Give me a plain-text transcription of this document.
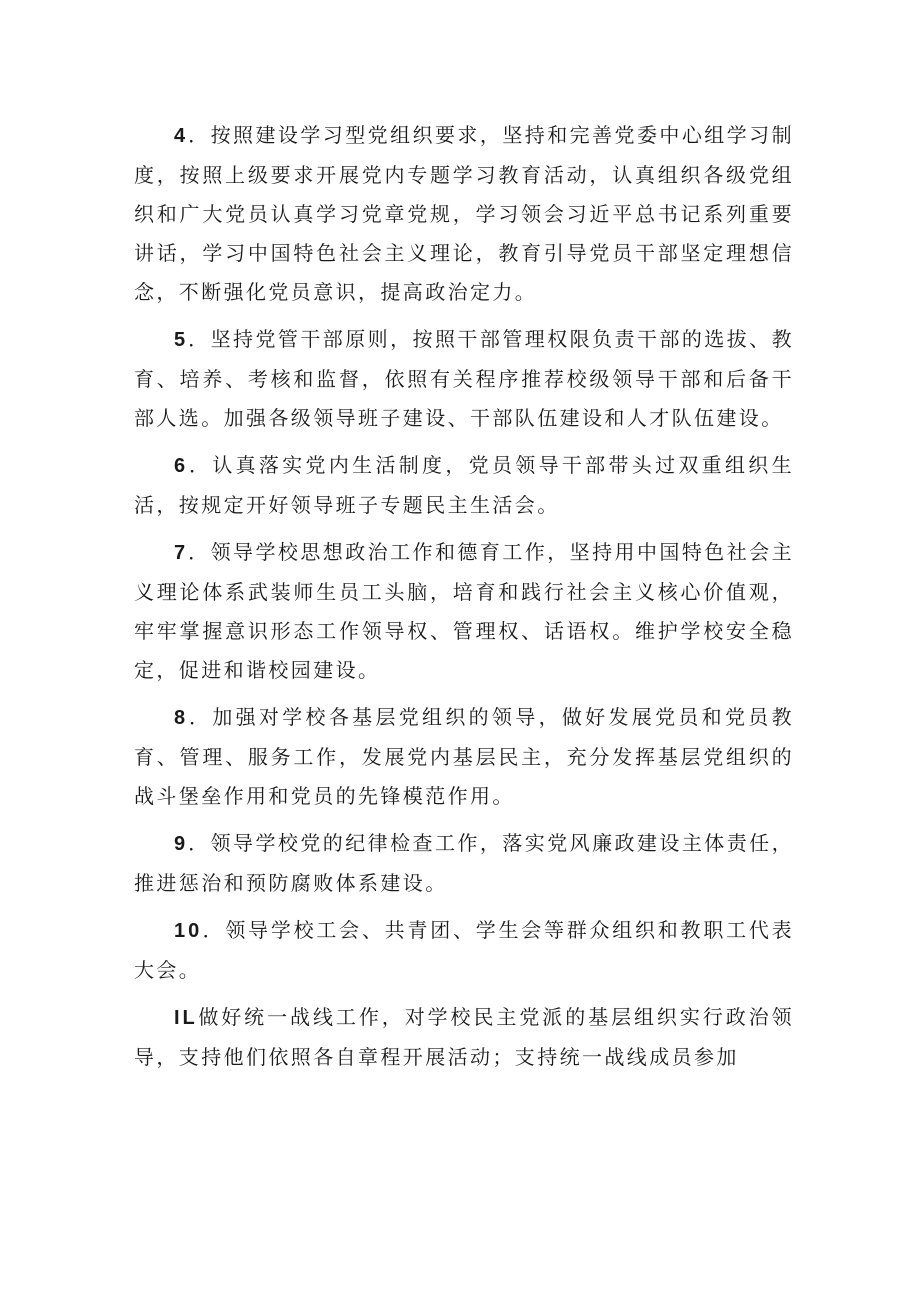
4．按照建设学习型党组织要求，坚持和完善党委中心组学习制度，按照上级要求开展党内专题学习教育活动，认真组织各级党组织和广大党员认真学习党章党规，学习领会习近平总书记系列重要讲话，学习中国特色社会主义理论，教育引导党员干部坚定理想信念，不断强化党员意识，提高政治定力。

5．坚持党管干部原则，按照干部管理权限负责干部的选拔、教育、培养、考核和监督，依照有关程序推荐校级领导干部和后备干部人选。加强各级领导班子建设、干部队伍建设和人才队伍建设。

6．认真落实党内生活制度，党员领导干部带头过双重组织生活，按规定开好领导班子专题民主生活会。

7．领导学校思想政治工作和德育工作，坚持用中国特色社会主义理论体系武装师生员工头脑，培育和践行社会主义核心价值观，牢牢掌握意识形态工作领导权、管理权、话语权。维护学校安全稳定，促进和谐校园建设。

8．加强对学校各基层党组织的领导，做好发展党员和党员教育、管理、服务工作，发展党内基层民主，充分发挥基层党组织的战斗堡垒作用和党员的先锋模范作用。

9．领导学校党的纪律检查工作，落实党风廉政建设主体责任，推进惩治和预防腐败体系建设。

10．领导学校工会、共青团、学生会等群众组织和教职工代表大会。

IL做好统一战线工作，对学校民主党派的基层组织实行政治领导，支持他们依照各自章程开展活动；支持统一战线成员参加
